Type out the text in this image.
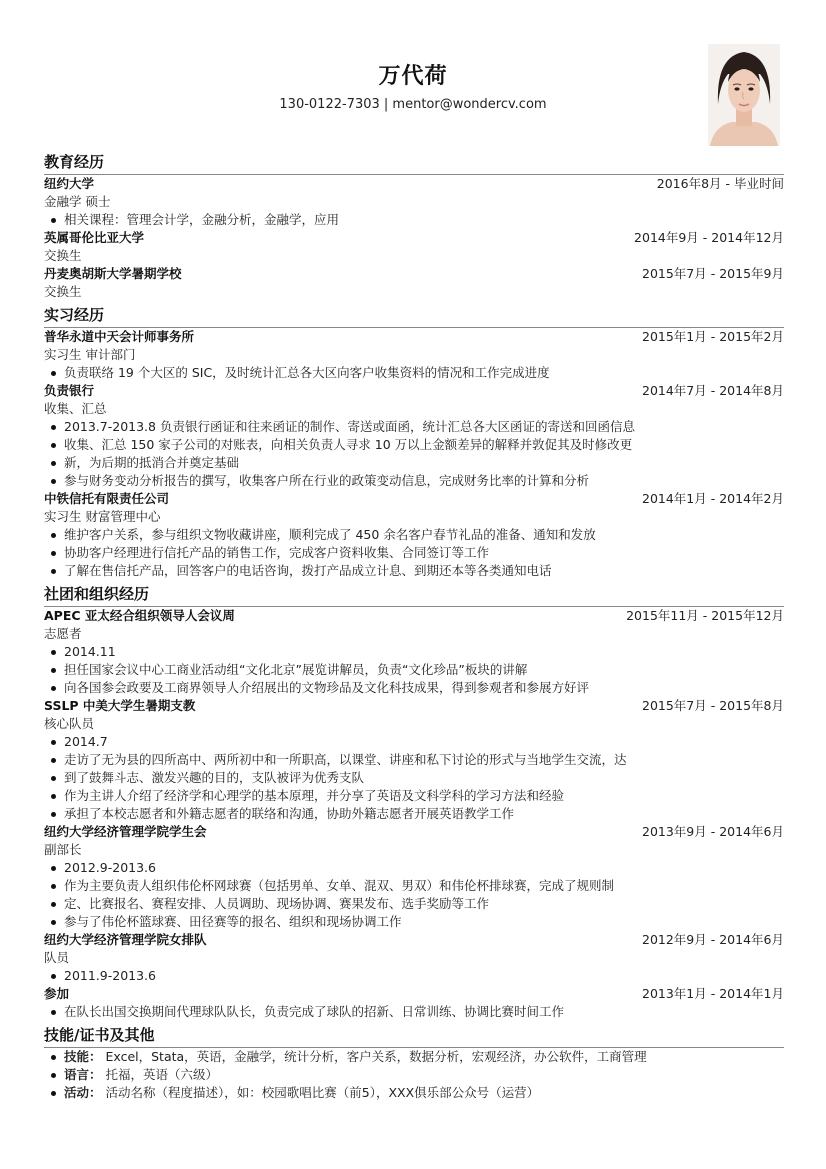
万代荷
130-0122-7303 | mentor@wondercv.com
教育经历
纽约大学	2016年8月 - 毕业时间
金融学 硕士
相关课程：管理会计学，金融分析，金融学，应用
英属哥伦比亚大学	2014年9月 - 2014年12月
交换生
丹麦奥胡斯大学暑期学校	2015年7月 - 2015年9月
交换生
实习经历
普华永道中天会计师事务所	2015年1月 - 2015年2月
实习生 审计部门
负责联络 19 个大区的 SIC，及时统计汇总各大区向客户收集资料的情况和工作完成进度
负责银行	2014年7月 - 2014年8月
收集、汇总
2013.7-2013.8 负责银行函证和往来函证的制作、寄送或面函，统计汇总各大区函证的寄送和回函信息
收集、汇总 150 家子公司的对账表，向相关负责人寻求 10 万以上金额差异的解释并敦促其及时修改更
新，为后期的抵消合并奠定基础
参与财务变动分析报告的撰写，收集客户所在行业的政策变动信息，完成财务比率的计算和分析
中铁信托有限责任公司	2014年1月 - 2014年2月
实习生 财富管理中心
维护客户关系，参与组织文物收藏讲座，顺利完成了 450 余名客户春节礼品的准备、通知和发放
协助客户经理进行信托产品的销售工作，完成客户资料收集、合同签订等工作
了解在售信托产品，回答客户的电话咨询，拨打产品成立计息、到期还本等各类通知电话
社团和组织经历
APEC 亚太经合组织领导人会议周	2015年11月 - 2015年12月
志愿者
2014.11
担任国家会议中心工商业活动组“文化北京”展览讲解员，负责“文化珍品”板块的讲解
向各国参会政要及工商界领导人介绍展出的文物珍品及文化科技成果，得到参观者和参展方好评
SSLP 中美大学生暑期支教	2015年7月 - 2015年8月
核心队员
2014.7
走访了无为县的四所高中、两所初中和一所职高，以课堂、讲座和私下讨论的形式与当地学生交流，达
到了鼓舞斗志、激发兴趣的目的，支队被评为优秀支队
作为主讲人介绍了经济学和心理学的基本原理，并分享了英语及文科学科的学习方法和经验
承担了本校志愿者和外籍志愿者的联络和沟通，协助外籍志愿者开展英语教学工作
纽约大学经济管理学院学生会	2013年9月 - 2014年6月
副部长
2012.9-2013.6
作为主要负责人组织伟伦杯网球赛（包括男单、女单、混双、男双）和伟伦杯排球赛，完成了规则制
定、比赛报名、赛程安排、人员调助、现场协调、赛果发布、选手奖励等工作
参与了伟伦杯篮球赛、田径赛等的报名、组织和现场协调工作
纽约大学经济管理学院女排队	2012年9月 - 2014年6月
队员
2011.9-2013.6
参加	2013年1月 - 2014年1月
在队长出国交换期间代理球队队长，负责完成了球队的招新、日常训练、协调比赛时间工作
技能/证书及其他
技能： Excel，Stata，英语，金融学，统计分析，客户关系，数据分析，宏观经济，办公软件，工商管理
语言： 托福，英语（六级）
活动： 活动名称（程度描述），如：校园歌唱比赛（前5），XXX俱乐部公众号（运营）
